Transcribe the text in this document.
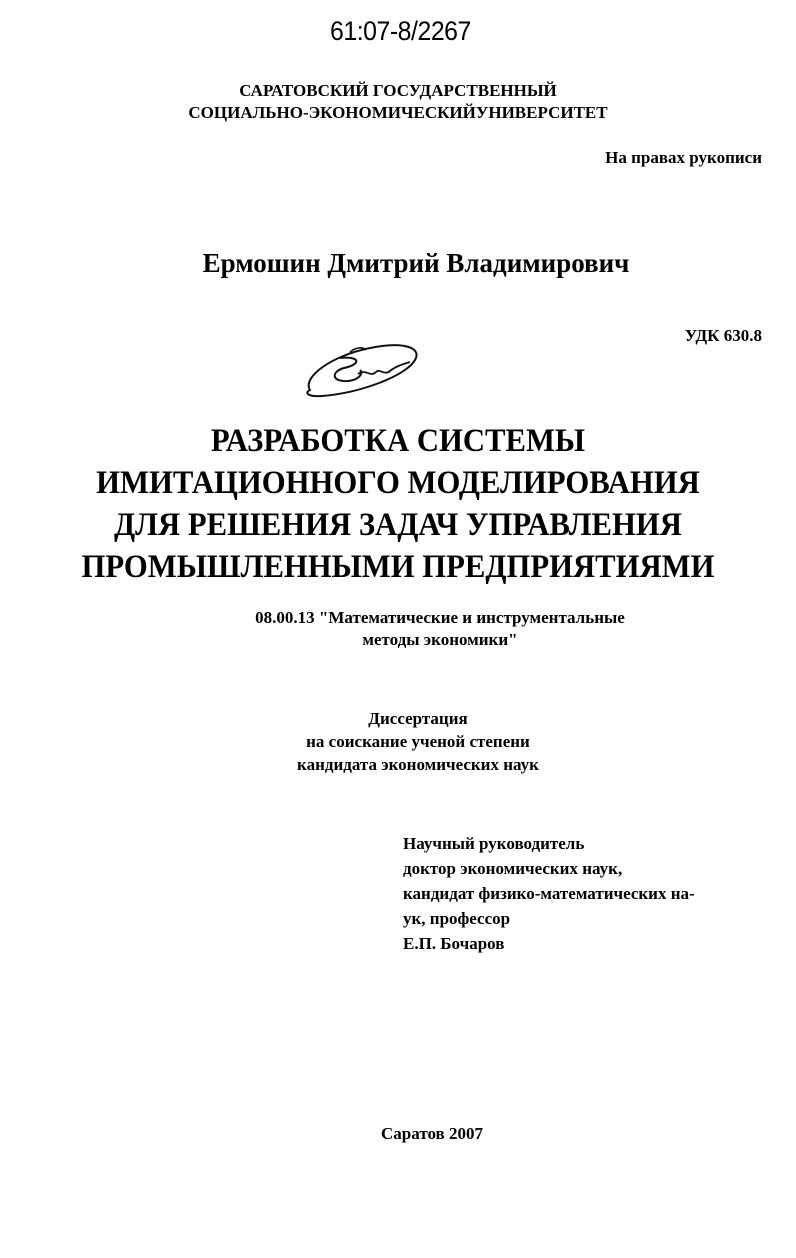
61:07-8/2267
САРАТОВСКИЙ ГОСУДАРСТВЕННЫЙ
СОЦИАЛЬНО-ЭКОНОМИЧЕСКИЙУНИВЕРСИТЕТ
На правах рукописи
Ермошин Дмитрий Владимирович
УДК 630.8
РАЗРАБОТКА СИСТЕМЫ
ИМИТАЦИОННОГО МОДЕЛИРОВАНИЯ
ДЛЯ РЕШЕНИЯ ЗАДАЧ УПРАВЛЕНИЯ
ПРОМЫШЛЕННЫМИ ПРЕДПРИЯТИЯМИ
08.00.13 "Математические и инструментальные
методы экономики"
Диссертация
на соискание ученой степени
кандидата экономических наук
Научный руководитель
доктор экономических наук,
кандидат физико-математических на-
ук, профессор
Е.П. Бочаров
Саратов 2007
